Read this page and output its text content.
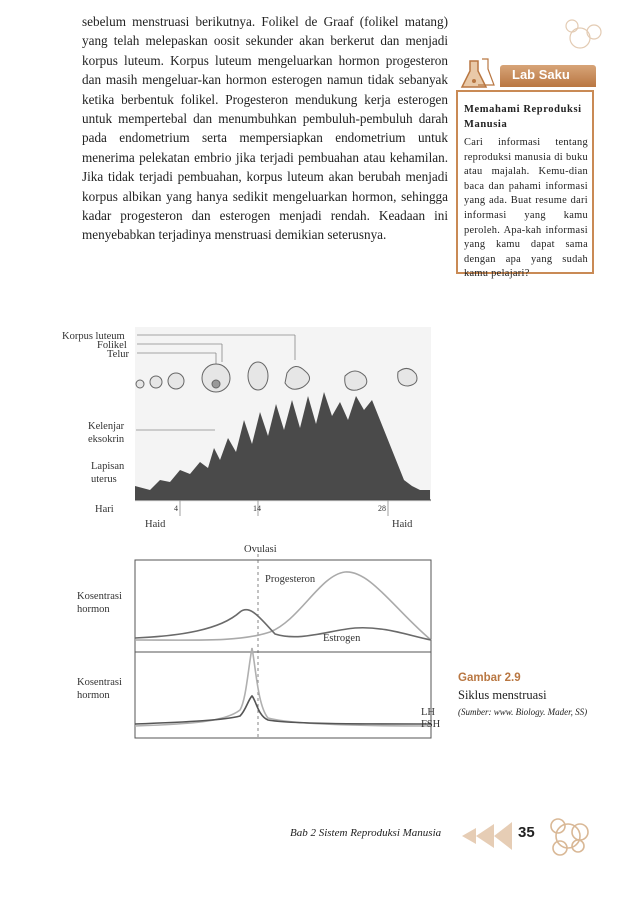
sebelum menstruasi berikutnya. Folikel de Graaf (folikel matang) yang telah melepaskan oosit sekunder akan berkerut dan menjadi korpus luteum. Korpus luteum mengeluarkan hormon progesteron dan masih mengeluar-kan hormon esterogen namun tidak sebanyak ketika berbentuk folikel. Progesteron mendukung kerja esterogen untuk mempertebal dan menumbuhkan pembuluh-pembuluh darah pada endometrium serta mempersiapkan endometrium untuk menerima pelekatan embrio jika terjadi pembuahan atau kehamilan. Jika tidak terjadi pembuahan, korpus luteum akan berubah menjadi korpus albikan yang hanya sedikit mengeluarkan hormon, sehingga kadar progesteron dan esterogen menjadi rendah. Keadaan ini menyebabkan terjadinya menstruasi demikian seterusnya.

Lab Saku
Memahami Reproduksi Manusia
Cari informasi tentang reproduksi manusia di buku atau majalah. Kemu-dian baca dan pahami informasi yang ada. Buat resume dari informasi yang kamu peroleh. Apa-kah informasi yang kamu dapat sama dengan apa yang sudah kamu pelajari?
Korpus luteum
Folikel
Telur
Kelenjar eksokrin
Lapisan uterus
Hari	4	14	28
Haid	Haid
Ovulasi
Progesteron
Estrogen
Kosentrasi hormon
Kosentrasi hormon
LH
FSH
Gambar 2.9
Siklus menstruasi
(Sumber: www. Biology. Mader, SS)
Bab 2 Sistem Reproduksi Manusia	35
